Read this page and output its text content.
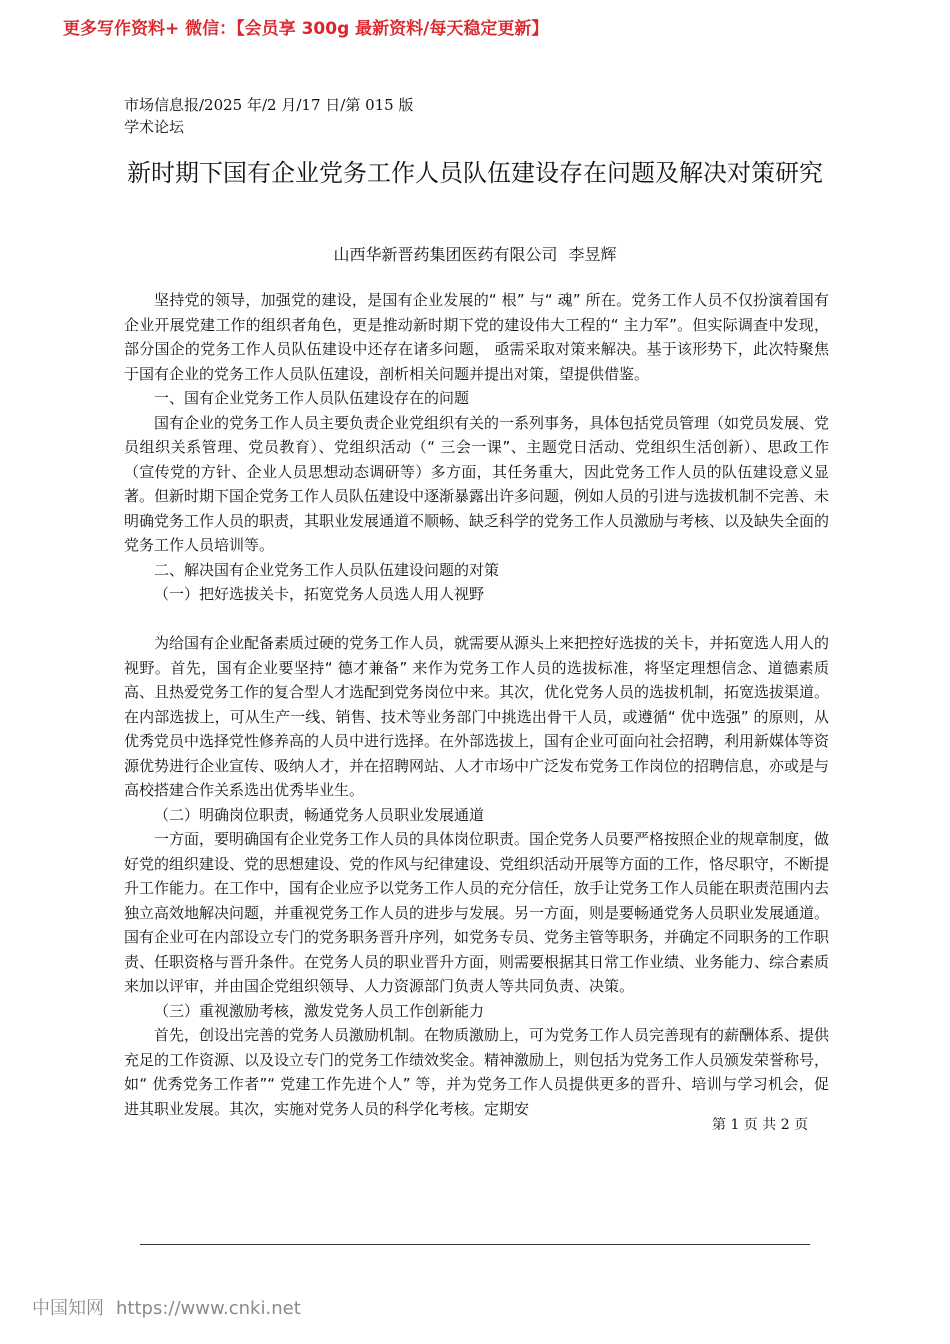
更多写作资料+ 微信：【会员享 300g 最新资料/每天稳定更新】
市场信息报/2025 年/2 月/17 日/第 015 版学术论坛
新时期下国有企业党务工作人员队伍建设存在问题及解决对策研究
山西华新晋药集团医药有限公司 李昱辉

坚持党的领导，加强党的建设，是国有企业发展的“ 根” 与“ 魂” 所在。党务工作人员不仅扮演着国有企业开展党建工作的组织者角色，更是推动新时期下党的建设伟大工程的“ 主力军”。但实际调查中发现， 部分国企的党务工作人员队伍建设中还存在诸多问题， 亟需采取对策来解决。基于该形势下，此次特聚焦于国有企业的党务工作人员队伍建设，剖析相关问题并提出对策，望提供借鉴。

一、国有企业党务工作人员队伍建设存在的问题

国有企业的党务工作人员主要负责企业党组织有关的一系列事务，具体包括党员管理（如党员发展、党员组织关系管理、党员教育）、党组织活动（“ 三会一课”、主题党日活动、党组织生活创新）、思政工作（宣传党的方针、企业人员思想动态调研等）多方面，其任务重大，因此党务工作人员的队伍建设意义显著。但新时期下国企党务工作人员队伍建设中逐渐暴露出许多问题，例如人员的引进与选拔机制不完善、未明确党务工作人员的职责，其职业发展通道不顺畅、缺乏科学的党务工作人员激励与考核、以及缺失全面的党务工作人员培训等。

二、解决国有企业党务工作人员队伍建设问题的对策

（一）把好选拔关卡，拓宽党务人员选人用人视野

为给国有企业配备素质过硬的党务工作人员，就需要从源头上来把控好选拔的关卡，并拓宽选人用人的视野。首先，国有企业要坚持“ 德才兼备” 来作为党务工作人员的选拔标准，将坚定理想信念、道德素质高、且热爱党务工作的复合型人才选配到党务岗位中来。其次，优化党务人员的选拔机制，拓宽选拔渠道。在内部选拔上，可从生产一线、销售、技术等业务部门中挑选出骨干人员，或遵循“ 优中选强” 的原则，从优秀党员中选择党性修养高的人员中进行选择。在外部选拔上，国有企业可面向社会招聘，利用新媒体等资源优势进行企业宣传、吸纳人才，并在招聘网站、人才市场中广泛发布党务工作岗位的招聘信息，亦或是与高校搭建合作关系选出优秀毕业生。

（二）明确岗位职责，畅通党务人员职业发展通道

一方面，要明确国有企业党务工作人员的具体岗位职责。国企党务人员要严格按照企业的规章制度，做好党的组织建设、党的思想建设、党的作风与纪律建设、党组织活动开展等方面的工作，恪尽职守，不断提升工作能力。在工作中，国有企业应予以党务工作人员的充分信任，放手让党务工作人员能在职责范围内去独立高效地解决问题，并重视党务工作人员的进步与发展。另一方面，则是要畅通党务人员职业发展通道。国有企业可在内部设立专门的党务职务晋升序列，如党务专员、党务主管等职务，并确定不同职务的工作职责、任职资格与晋升条件。在党务人员的职业晋升方面，则需要根据其日常工作业绩、业务能力、综合素质来加以评审，并由国企党组织领导、人力资源部门负责人等共同负责、决策。

（三）重视激励考核，激发党务人员工作创新能力

首先，创设出完善的党务人员激励机制。在物质激励上，可为党务工作人员完善现有的薪酬体系、提供充足的工作资源、以及设立专门的党务工作绩效奖金。精神激励上，则包括为党务工作人员颁发荣誉称号，如“ 优秀党务工作者”“ 党建工作先进个人” 等，并为党务工作人员提供更多的晋升、培训与学习机会，促进其职业发展。其次，实施对党务人员的科学化考核。定期安

第 1 页 共 2 页
中国知网 https://www.cnki.net
